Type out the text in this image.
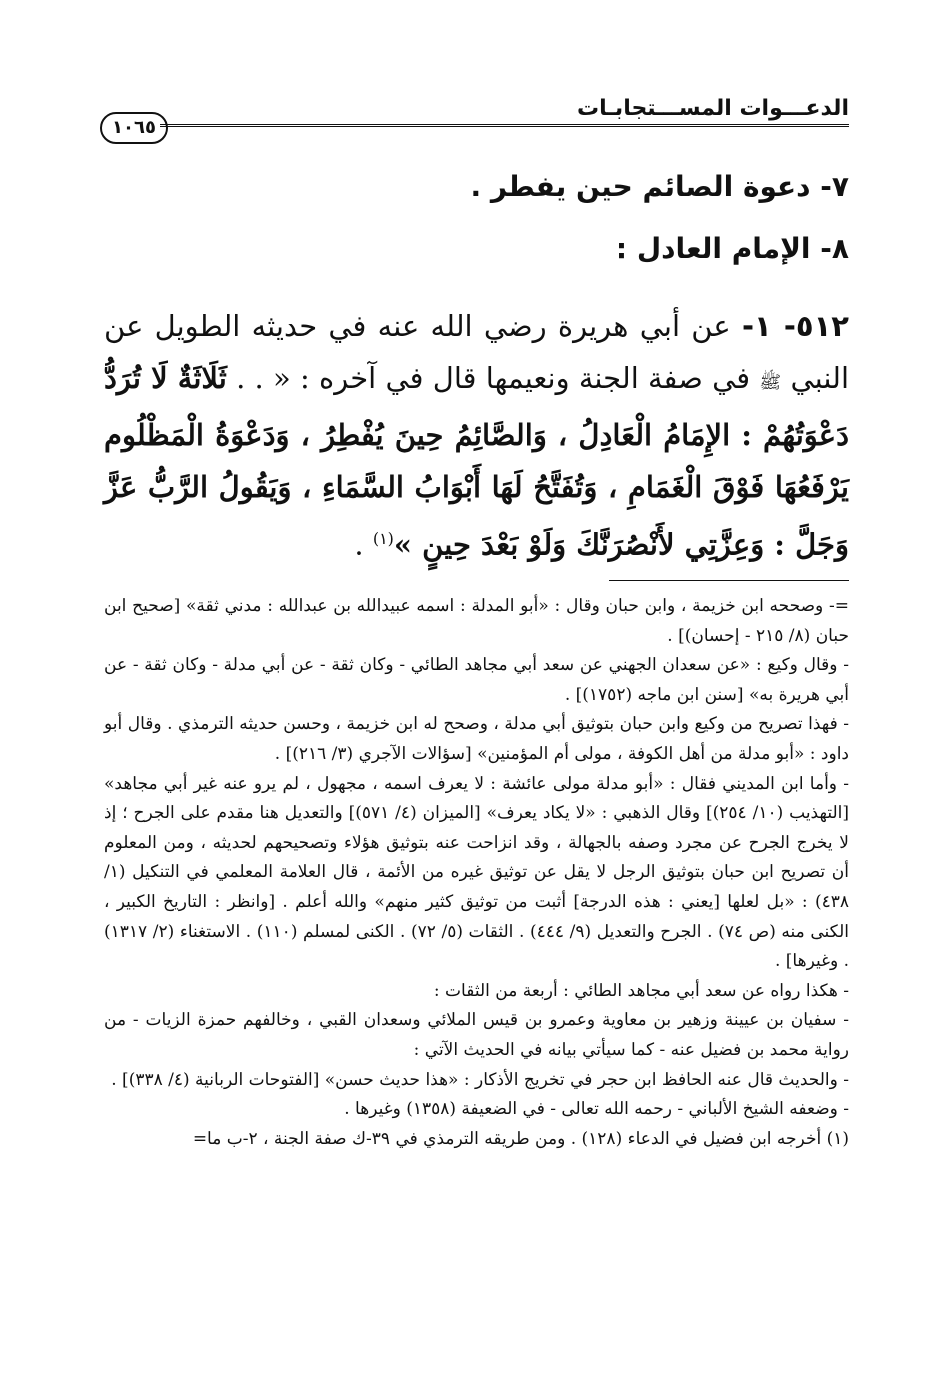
الدعـــوات المســـتجابـات
١٠٦٥
٧- دعوة الصائم حين يفطر .
٨- الإمام العادل :
٥١٢- ١- عن أبي هريرة رضي الله عنه في حديثه الطويل عن النبي ﷺ في صفة الجنة ونعيمها قال في آخره : « . . ثَلَاثَةٌ لَا تُرَدُّ دَعْوَتُهُمْ : الإِمَامُ الْعَادِلُ ، وَالصَّائِمُ حِينَ يُفْطِرُ ، وَدَعْوَةُ الْمَظْلُوم يَرْفَعُهَا فَوْقَ الْغَمَامِ ، وَتُفَتَّحُ لَهَا أَبْوَابُ السَّمَاءِ ، وَيَقُولُ الرَّبُّ عَزَّ وَجَلَّ : وَعِزَّتِي لأَنْصُرَنَّكَ وَلَوْ بَعْدَ حِينٍ »$^{(١)}$ .

=- وصححه ابن خزيمة ، وابن حبان وقال : «أبو المدلة : اسمه عبيدالله بن عبدالله : مدني ثقة» [صحيح ابن حبان (٨/ ٢١٥ - إحسان)] .

- وقال وكيع : «عن سعدان الجهني عن سعد أبي مجاهد الطائي - وكان ثقة - عن أبي مدلة - وكان ثقة - عن أبي هريرة به» [سنن ابن ماجه (١٧٥٢)] .

- فهذا تصريح من وكيع وابن حبان بتوثيق أبي مدلة ، وصحح له ابن خزيمة ، وحسن حديثه الترمذي . وقال أبو داود : «أبو مدلة من أهل الكوفة ، مولى أم المؤمنين» [سؤالات الآجري (٣/ ٢١٦)] .

- وأما ابن المديني فقال : «أبو مدلة مولى عائشة : لا يعرف اسمه ، مجهول ، لم يرو عنه غير أبي مجاهد» [التهذيب (١٠/ ٢٥٤)] وقال الذهبي : «لا يكاد يعرف» [الميزان (٤/ ٥٧١)] والتعديل هنا مقدم على الجرح ؛ إذ لا يخرج الجرح عن مجرد وصفه بالجهالة ، وقد انزاحت عنه بتوثيق هؤلاء وتصحيحهم لحديثه ، ومن المعلوم أن تصريح ابن حبان بتوثيق الرجل لا يقل عن توثيق غيره من الأئمة ، قال العلامة المعلمي في التنكيل (١/ ٤٣٨) : «بل لعلها [يعني : هذه الدرجة] أثبت من توثيق كثير منهم» والله أعلم . [وانظر : التاريخ الكبير ، الكنى منه (ص ٧٤) . الجرح والتعديل (٩/ ٤٤٤) . الثقات (٥/ ٧٢) . الكنى لمسلم (١١٠) . الاستغناء (٢/ ١٣١٧) . وغيرها] .

- هكذا رواه عن سعد أبي مجاهد الطائي : أربعة من الثقات :

- سفيان بن عيينة وزهير بن معاوية وعمرو بن قيس الملائي وسعدان القبي ، وخالفهم حمزة الزيات - من رواية محمد بن فضيل عنه - كما سيأتي بيانه في الحديث الآتي :

- والحديث قال عنه الحافظ ابن حجر في تخريج الأذكار : «هذا حديث حسن» [الفتوحات الربانية (٤/ ٣٣٨)] .

- وضعفه الشيخ الألباني - رحمه الله تعالى - في الضعيفة (١٣٥٨) وغيرها .

(١) أخرجه ابن فضيل في الدعاء (١٢٨) . ومن طريقه الترمذي في ٣٩-ك صفة الجنة ، ٢-ب ما=
